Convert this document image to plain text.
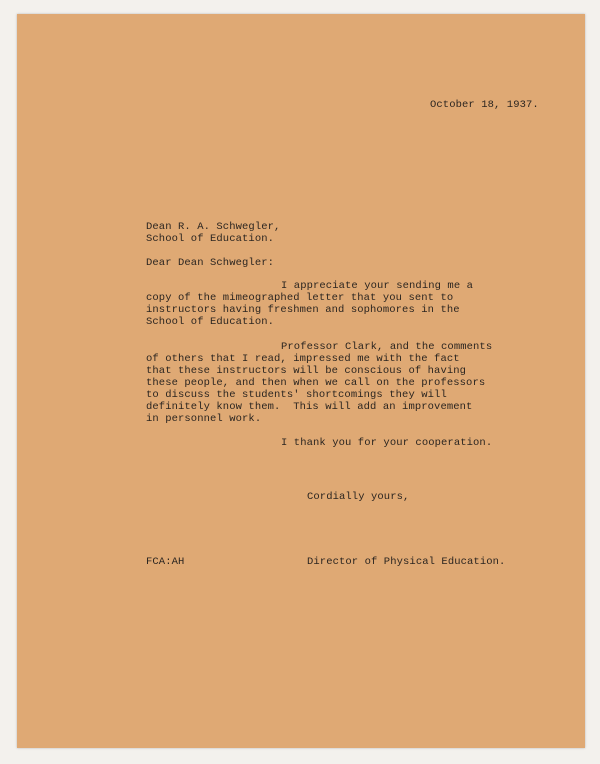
October 18, 1937.
Dean R. A. Schwegler,
School of Education.
Dear Dean Schwegler:
I appreciate your sending me a
copy of the mimeographed letter that you sent to
instructors having freshmen and sophomores in the
School of Education.
Professor Clark, and the comments
of others that I read, impressed me with the fact
that these instructors will be conscious of having
these people, and then when we call on the professors
to discuss the students' shortcomings they will
definitely know them.  This will add an improvement
in personnel work.
I thank you for your cooperation.
Cordially yours,
FCA:AH	Director of Physical Education.
